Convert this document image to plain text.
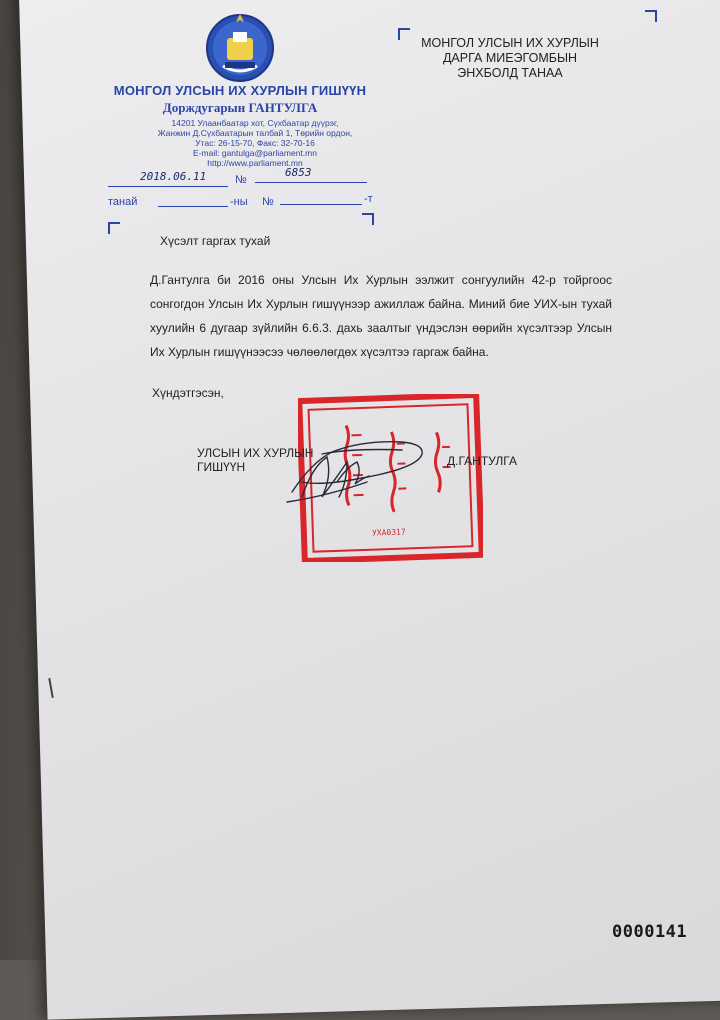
МОНГОЛ УЛСЫН ИХ ХУРЛЫН ГИШҮҮН
Дорждугарын ГАНТУЛГА
14201 Улаанбаатар хот, Сүхбаатар дүүрэг,
Жанжин Д.Сүхбаатарын талбай 1, Төрийн ордон,
Утас: 26-15-70, Факс: 32-70-16
E-mail: gantulga@parliament.mn
http://www.parliament.mn
2018.06.11	№
6853
танай	-ны №	-т
МОНГОЛ УЛСЫН ИХ ХУРЛЫН
ДАРГА МИЕЭГОМБЫН
ЭНХБОЛД ТАНАА
Хүсэлт гаргах тухай
Д.Гантулга би 2016 оны Улсын Их Хурлын ээлжит сонгуулийн 42-р тойргоос сонгогдон Улсын Их Хурлын гишүүнээр ажиллаж байна. Миний бие УИХ-ын тухай хуулийн 6 дугаар зүйлийн 6.6.3. дахь заалтыг үндэслэн өөрийн хүсэлтээр Улсын Их Хурлын гишүүнээсээ чөлөөлөгдөх хүсэлтээ гаргаж байна.
Хүндэтгэсэн,
УХА0317
УЛСЫН ИХ ХУРЛЫН
ГИШҮҮН	Д.ГАНТУЛГА
0000141
